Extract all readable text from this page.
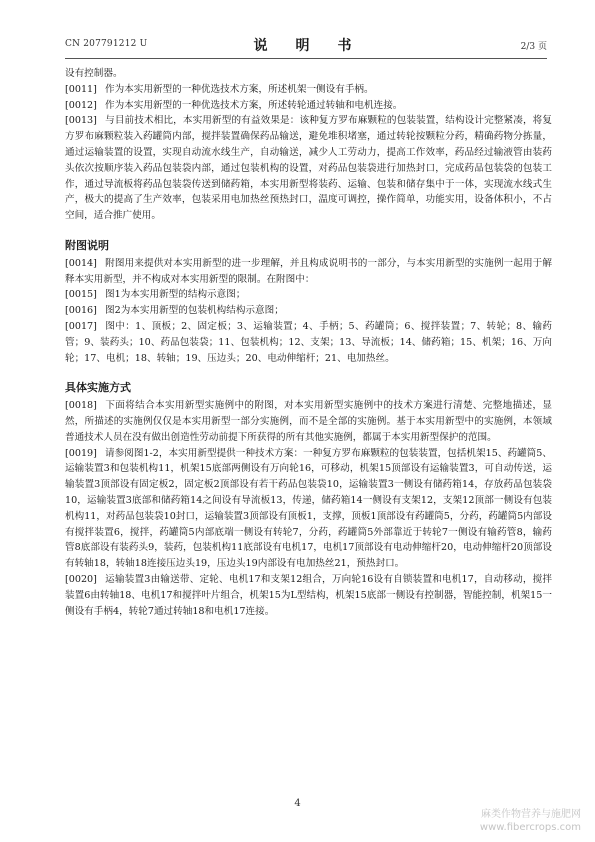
CN 207791212 U	说　明　书	2/3 页

设有控制器。

[0011] 作为本实用新型的一种优选技术方案，所述机架一侧设有手柄。

[0012] 作为本实用新型的一种优选技术方案，所述转轮通过转轴和电机连接。

[0013] 与目前技术相比，本实用新型的有益效果是：该种复方罗布麻颗粒的包装装置，结构设计完整紧凑，将复方罗布麻颗粒装入药罐筒内部，搅拌装置确保药品输送，避免堆积堵塞，通过转轮按颗粒分药，精确药物分拣量，通过运输装置的设置，实现自动流水线生产，自动输送，减少人工劳动力，提高工作效率，药品经过输液管由装药头依次按顺序装入药品包装袋内部，通过包装机构的设置，对药品包装袋进行加热封口，完成药品包装袋的包装工作，通过导流板将药品包装袋传送到储药箱，本实用新型将装药、运输、包装和储存集中于一体，实现流水线式生产，极大的提高了生产效率，包装采用电加热丝预热封口，温度可调控，操作简单，功能实用，设备体积小，不占空间，适合推广使用。

附图说明

[0014] 附图用来提供对本实用新型的进一步理解，并且构成说明书的一部分，与本实用新型的实施例一起用于解释本实用新型，并不构成对本实用新型的限制。在附图中：

[0015] 图1为本实用新型的结构示意图；

[0016] 图2为本实用新型的包装机构结构示意图；

[0017] 图中：1、顶板；2、固定板；3、运输装置；4、手柄；5、药罐筒；6、搅拌装置；7、转轮；8、输药管；9、装药头；10、药品包装袋；11、包装机构；12、支架；13、导流板；14、储药箱；15、机架；16、万向轮；17、电机；18、转轴；19、压边头；20、电动伸缩杆；21、电加热丝。

具体实施方式

[0018] 下面将结合本实用新型实施例中的附图，对本实用新型实施例中的技术方案进行清楚、完整地描述，显然，所描述的实施例仅仅是本实用新型一部分实施例，而不是全部的实施例。基于本实用新型中的实施例，本领域普通技术人员在没有做出创造性劳动前提下所获得的所有其他实施例，都属于本实用新型保护的范围。

[0019] 请参阅图1-2，本实用新型提供一种技术方案：一种复方罗布麻颗粒的包装装置，包括机架15、药罐筒5、运输装置3和包装机构11，机架15底部两侧设有万向轮16，可移动，机架15顶部设有运输装置3，可自动传送，运输装置3顶部设有固定板2，固定板2顶部设有若干药品包装袋10，运输装置3一侧设有储药箱14，存放药品包装袋10，运输装置3底部和储药箱14之间设有导流板13，传递，储药箱14一侧设有支架12，支架12顶部一侧设有包装机构11，对药品包装袋10封口，运输装置3顶部设有顶板1，支撑，顶板1顶部设有药罐筒5，分药，药罐筒5内部设有搅拌装置6，搅拌，药罐筒5内部底端一侧设有转轮7，分药，药罐筒5外部靠近于转轮7一侧设有输药管8，输药管8底部设有装药头9，装药，包装机构11底部设有电机17，电机17顶部设有电动伸缩杆20，电动伸缩杆20顶部设有转轴18，转轴18连接压边头19，压边头19内部设有电加热丝21，预热封口。

[0020] 运输装置3由输送带、定轮、电机17和支架12组合，万向轮16设有自锁装置和电机17，自动移动，搅拌装置6由转轴18、电机17和搅拌叶片组合，机架15为L型结构，机架15底部一侧设有控制器，智能控制，机架15一侧设有手柄4，转轮7通过转轴18和电机17连接。

4
麻类作物营养与施肥网
www.fibercrops.com
